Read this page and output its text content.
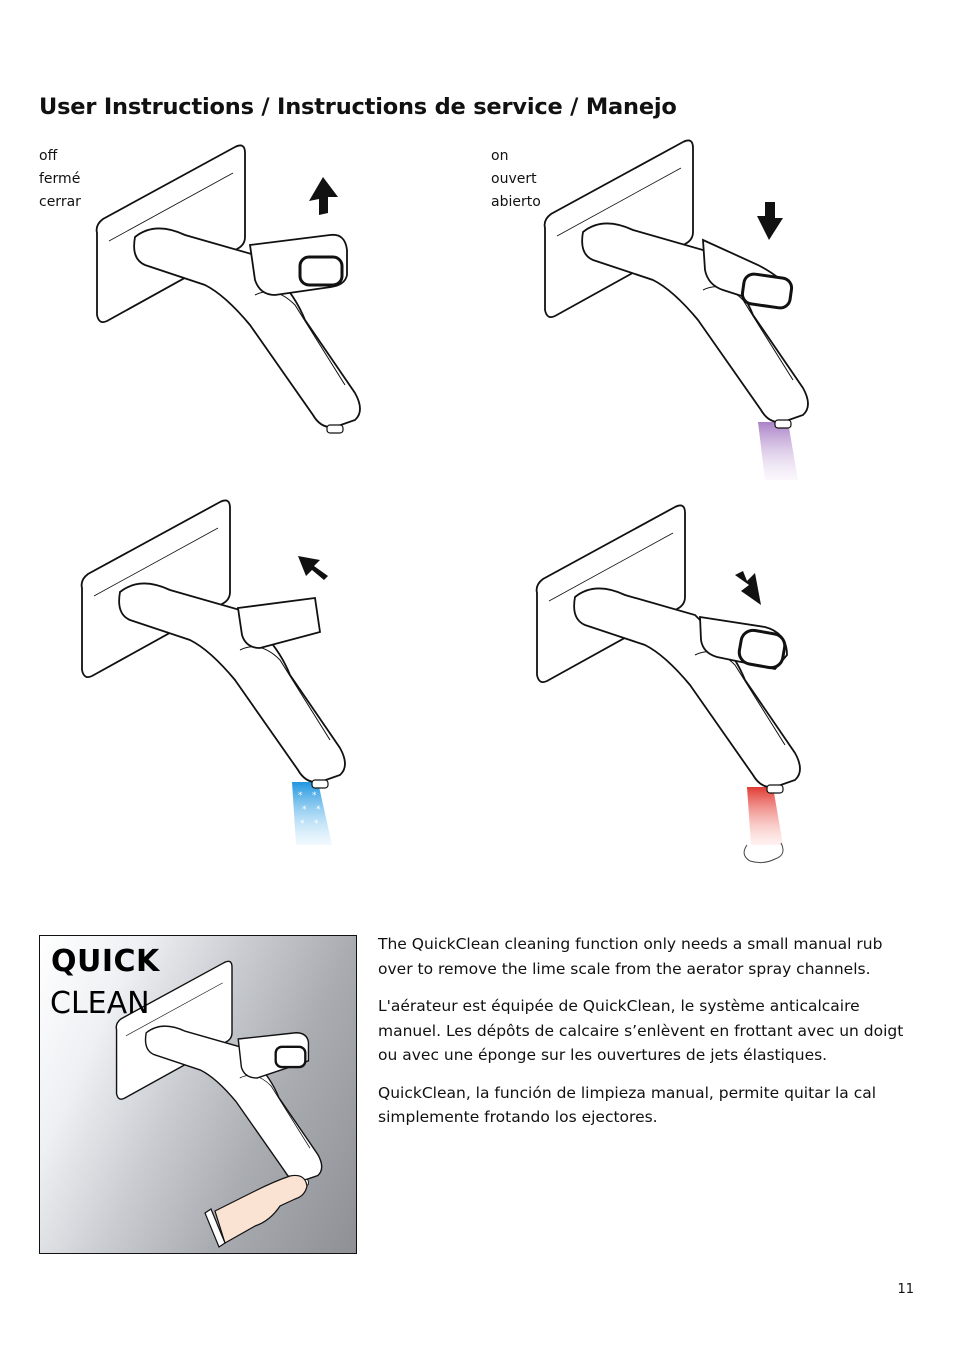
User Instructions / Instructions de service / Manejo
off
fermé
cerrar
on
ouvert
abierto
* *
* *
* *
QUICK
CLEAN

The QuickClean cleaning function only needs a small manual rub over to remove the lime scale from the aerator spray channels.

L'aérateur est équipée de QuickClean, le système anticalcaire manuel. Les dépôts de calcaire s’enlèvent en frottant avec un doigt ou avec une éponge sur les ouvertures de jets élastiques.

QuickClean, la función de limpieza manual, permite quitar la cal simplemente frotando los ejectores.

11
